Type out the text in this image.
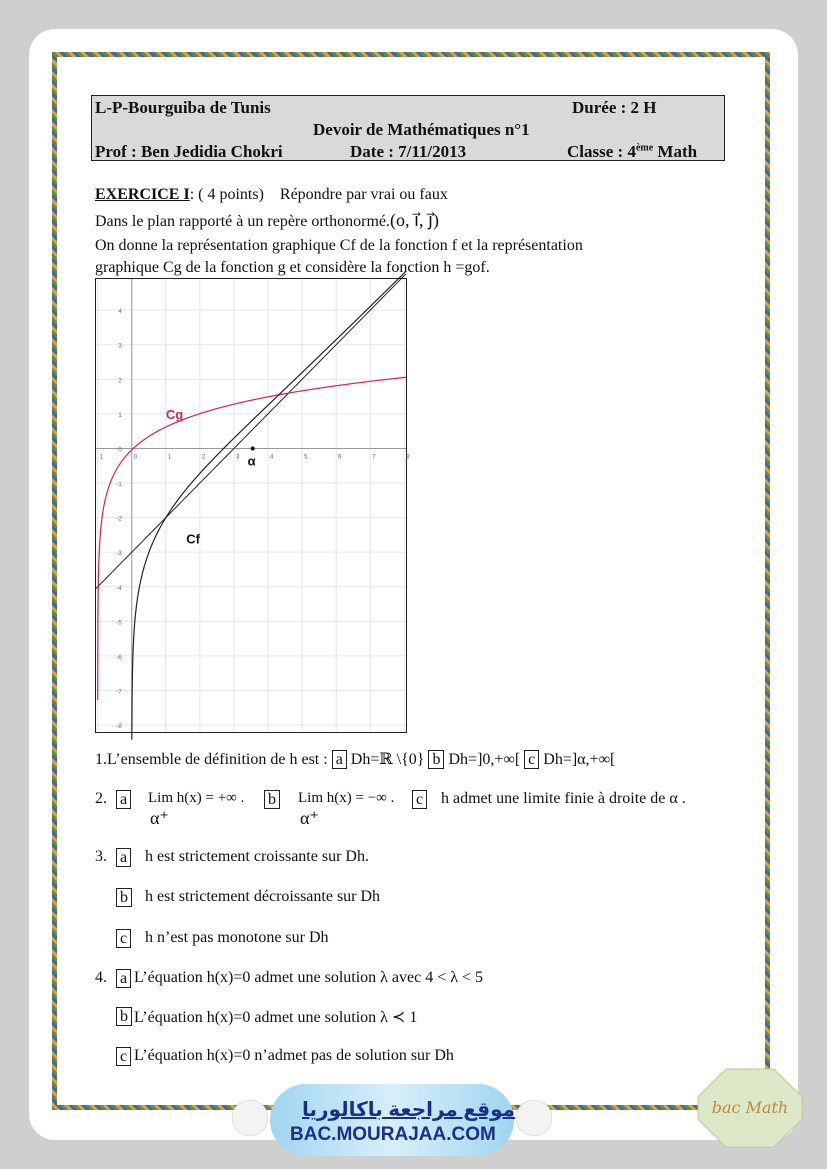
L-P-Bourguiba de Tunis	Durée : 2 H
Devoir de Mathématiques n°1
Prof : Ben Jedidia Chokri	Date : 7/11/2013	Classe : 4ème Math
EXERCICE I: ( 4 points) Répondre par vrai ou faux
Dans le plan rapporté à un repère orthonormé.(o, i⃗, j⃗)
On donne la représentation graphique Cf de la fonction f et la représentation
graphique Cg de la fonction g et considère la fonction h =gof.
1	0	1	2	3	4	5	6	7	8
4
3
2
1
0
-1
-2
-3
-4
-5
-6
-7
-8
Cg
Cf
α
1.L’ensemble de définition de h est : a Dh=ℝ \{0} b Dh=]0,+∞[ c Dh=]α,+∞[
2. a Lim h(x) = +∞ .
α⁺
b Lim h(x) = −∞ .
α⁺
c h admet une limite finie à droite de α .
3. a h est strictement croissante sur Dh.
b h est strictement décroissante sur Dh
c h n’est pas monotone sur Dh
4. a L’équation h(x)=0 admet une solution λ avec 4 < λ < 5
b L’équation h(x)=0 admet une solution λ ≺ 1
c L’équation h(x)=0 n’admet pas de solution sur Dh
موقع مراجعة باكالوريا
BAC.MOURAJAA.COM
bac Math
